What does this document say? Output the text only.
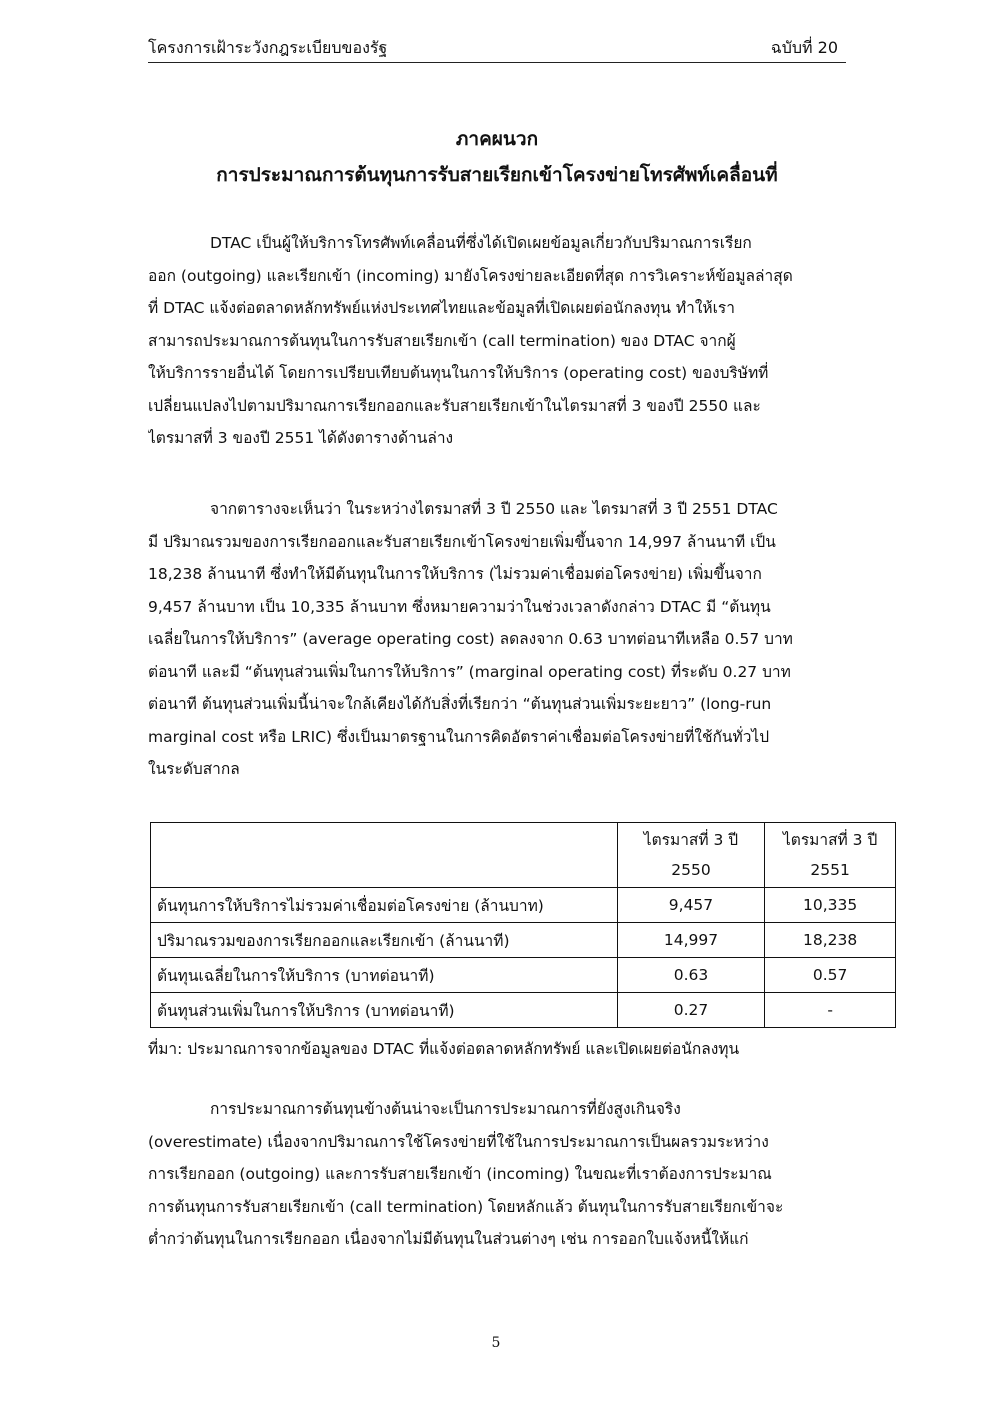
โครงการเฝ้าระวังกฎระเบียบของรัฐ	ฉบับที่ 20
ภาคผนวก
การประมาณการต้นทุนการรับสายเรียกเข้าโครงข่ายโทรศัพท์เคลื่อนที่
DTAC เป็นผู้ให้บริการโทรศัพท์เคลื่อนที่ซึ่งได้เปิดเผยข้อมูลเกี่ยวกับปริมาณการเรียก
ออก (outgoing) และเรียกเข้า (incoming) มายังโครงข่ายละเอียดที่สุด การวิเคราะห์ข้อมูลล่าสุด
ที่ DTAC แจ้งต่อตลาดหลักทรัพย์แห่งประเทศไทยและข้อมูลที่เปิดเผยต่อนักลงทุน ทำให้เรา
สามารถประมาณการต้นทุนในการรับสายเรียกเข้า (call termination) ของ DTAC จากผู้
ให้บริการรายอื่นได้ โดยการเปรียบเทียบต้นทุนในการให้บริการ (operating cost) ของบริษัทที่
เปลี่ยนแปลงไปตามปริมาณการเรียกออกและรับสายเรียกเข้าในไตรมาสที่ 3 ของปี 2550 และ
ไตรมาสที่ 3 ของปี 2551 ได้ดังตารางด้านล่าง
จากตารางจะเห็นว่า ในระหว่างไตรมาสที่ 3 ปี 2550 และ ไตรมาสที่ 3 ปี 2551 DTAC
มี ปริมาณรวมของการเรียกออกและรับสายเรียกเข้าโครงข่ายเพิ่มขึ้นจาก 14,997 ล้านนาที เป็น
18,238 ล้านนาที ซึ่งทำให้มีต้นทุนในการให้บริการ (ไม่รวมค่าเชื่อมต่อโครงข่าย) เพิ่มขึ้นจาก
9,457 ล้านบาท เป็น 10,335 ล้านบาท ซึ่งหมายความว่าในช่วงเวลาดังกล่าว DTAC มี “ต้นทุน
เฉลี่ยในการให้บริการ” (average operating cost) ลดลงจาก 0.63 บาทต่อนาทีเหลือ 0.57 บาท
ต่อนาที และมี “ต้นทุนส่วนเพิ่มในการให้บริการ” (marginal operating cost) ที่ระดับ 0.27 บาท
ต่อนาที ต้นทุนส่วนเพิ่มนี้น่าจะใกล้เคียงได้กับสิ่งที่เรียกว่า “ต้นทุนส่วนเพิ่มระยะยาว” (long-run
marginal cost หรือ LRIC) ซึ่งเป็นมาตรฐานในการคิดอัตราค่าเชื่อมต่อโครงข่ายที่ใช้กันทั่วไป
ในระดับสากล
	ไตรมาสที่ 3 ปี
2550	ไตรมาสที่ 3 ปี
2551
ต้นทุนการให้บริการไม่รวมค่าเชื่อมต่อโครงข่าย (ล้านบาท)	9,457	10,335
ปริมาณรวมของการเรียกออกและเรียกเข้า (ล้านนาที)	14,997	18,238
ต้นทุนเฉลี่ยในการให้บริการ (บาทต่อนาที)	0.63	0.57
ต้นทุนส่วนเพิ่มในการให้บริการ (บาทต่อนาที)	0.27	-
ที่มา: ประมาณการจากข้อมูลของ DTAC ที่แจ้งต่อตลาดหลักทรัพย์ และเปิดเผยต่อนักลงทุน
การประมาณการต้นทุนข้างต้นน่าจะเป็นการประมาณการที่ยังสูงเกินจริง
(overestimate) เนื่องจากปริมาณการใช้โครงข่ายที่ใช้ในการประมาณการเป็นผลรวมระหว่าง
การเรียกออก (outgoing) และการรับสายเรียกเข้า (incoming) ในขณะที่เราต้องการประมาณ
การต้นทุนการรับสายเรียกเข้า (call termination) โดยหลักแล้ว ต้นทุนในการรับสายเรียกเข้าจะ
ต่ำกว่าต้นทุนในการเรียกออก เนื่องจากไม่มีต้นทุนในส่วนต่างๆ เช่น การออกใบแจ้งหนี้ให้แก่
5
